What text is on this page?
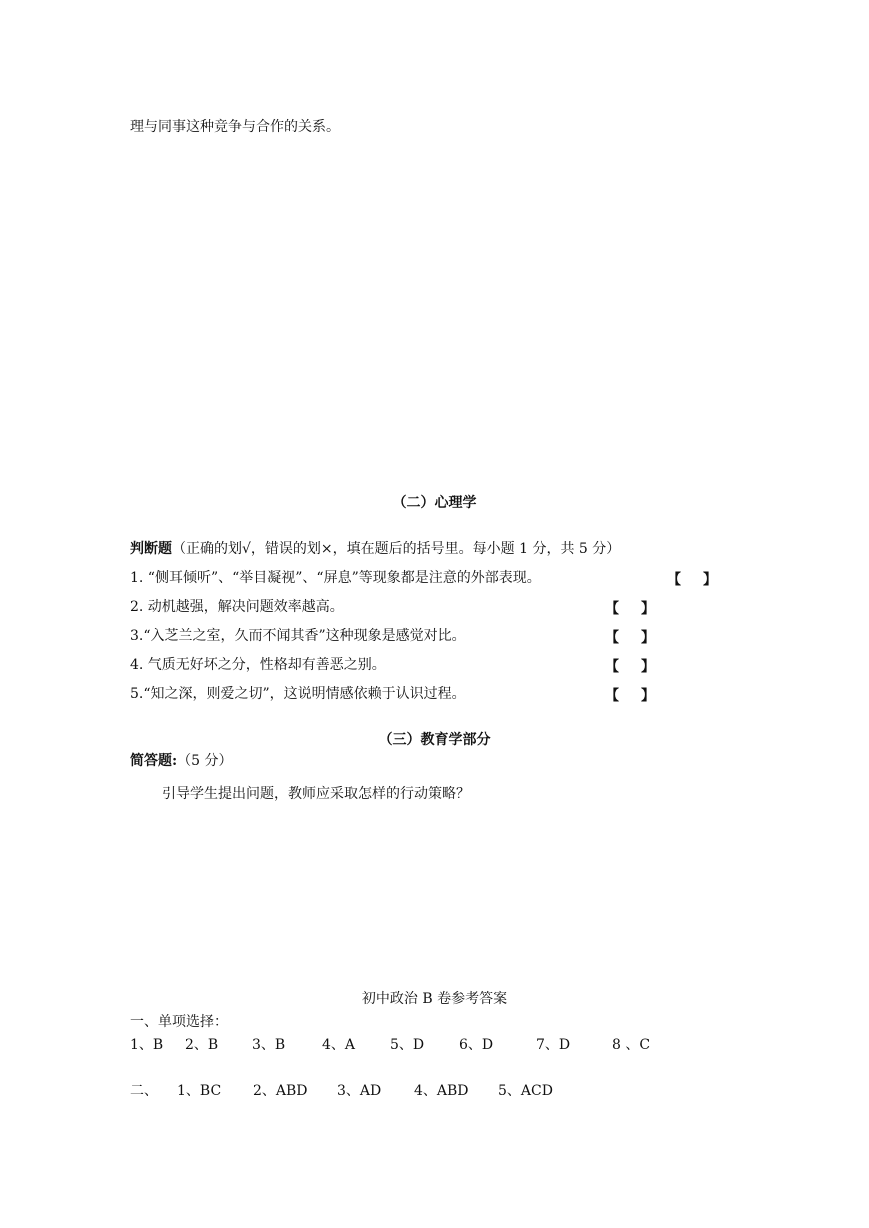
理与同事这种竞争与合作的关系。
（二）心理学
判断题（正确的划√，错误的划×，填在题后的括号里。每小题 1 分，共 5 分）
1. “侧耳倾听”、“举目凝视”、“屏息”等现象都是注意的外部表现。	【 】
2. 动机越强，解决问题效率越高。	【 】
3.“入芝兰之室，久而不闻其香”这种现象是感觉对比。	【 】
4. 气质无好坏之分，性格却有善恶之别。	【 】
5.“知之深，则爱之切”，这说明情感依赖于认识过程。	【 】
（三）教育学部分
简答题:（5 分）
引导学生提出问题，教师应采取怎样的行动策略？
初中政治 B 卷参考答案
一、单项选择：
1、B 2、B 3、B	4、A 5、D 6、D	7、D	8 、C
二、 1、BC 2、ABD 3、AD 4、ABD 5、ACD
